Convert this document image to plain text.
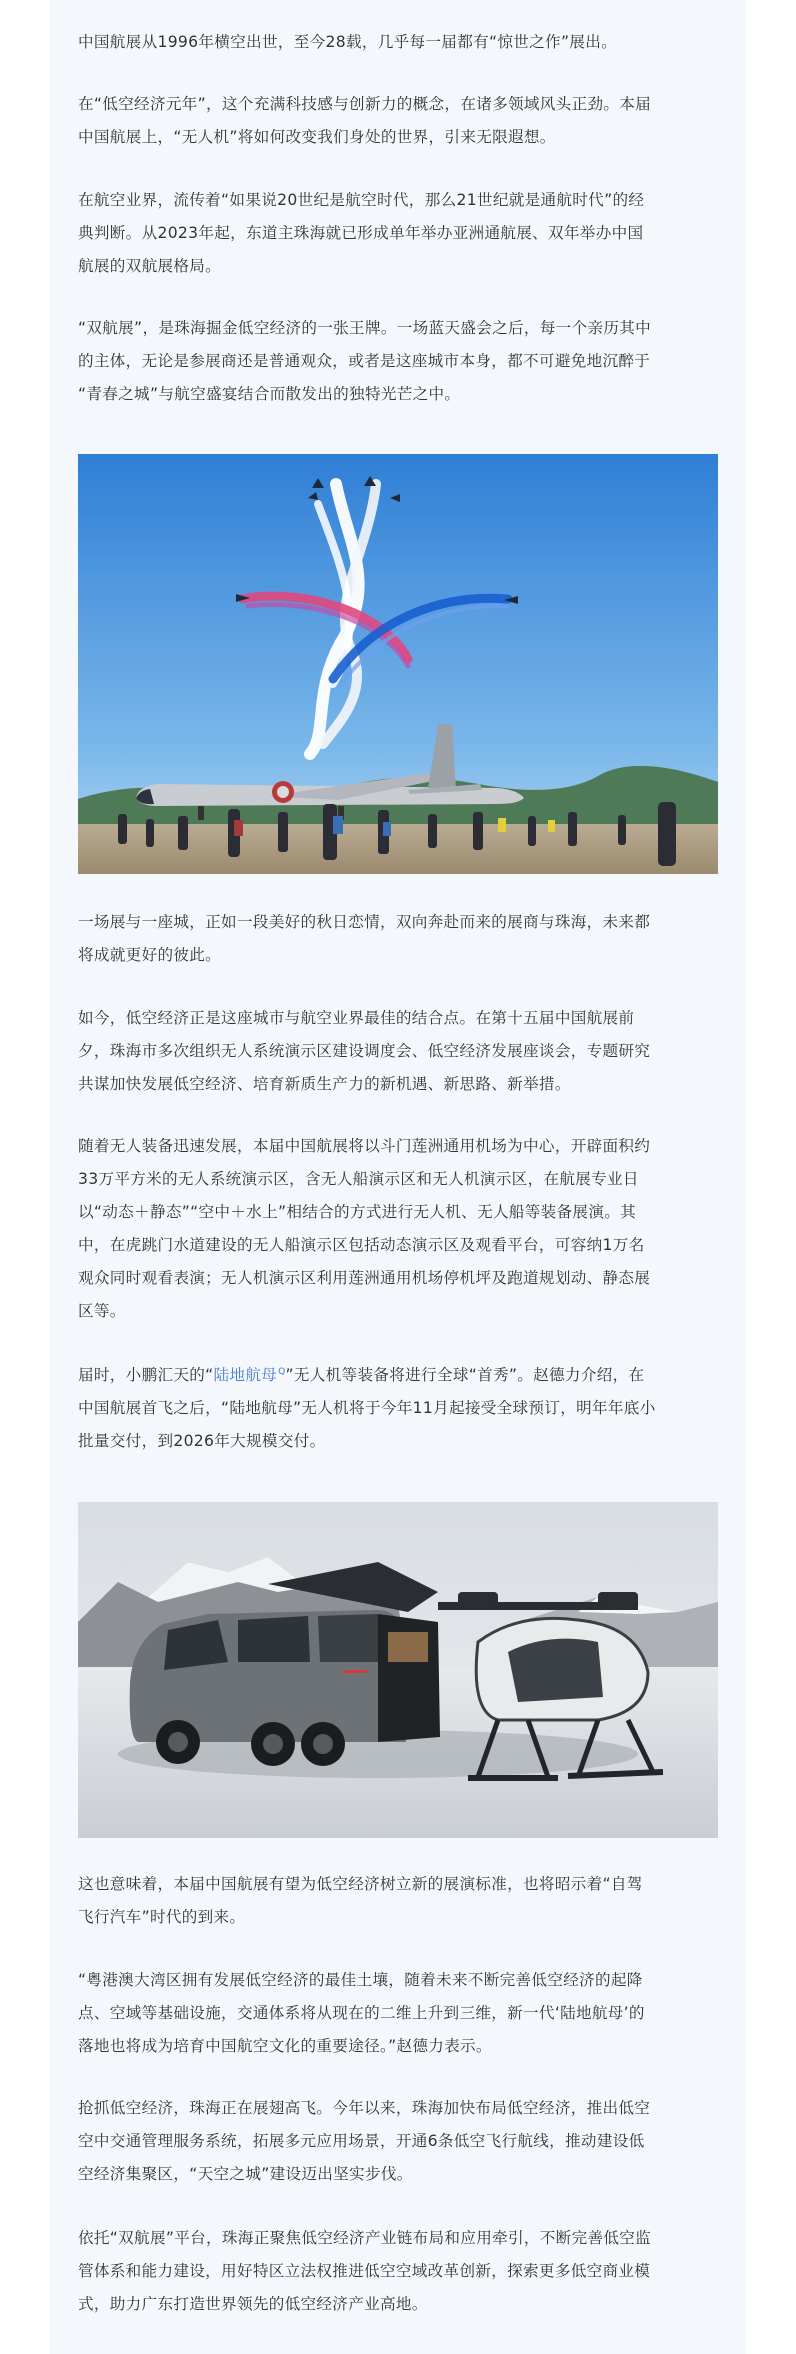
中国航展从1996年横空出世，至今28载，几乎每一届都有“惊世之作”展出。
在“低空经济元年”，这个充满科技感与创新力的概念，在诸多领域风头正劲。本届
中国航展上，“无人机”将如何改变我们身处的世界，引来无限遐想。
在航空业界，流传着“如果说20世纪是航空时代，那么21世纪就是通航时代”的经
典判断。从2023年起，东道主珠海就已形成单年举办亚洲通航展、双年举办中国
航展的双航展格局。
“双航展”，是珠海掘金低空经济的一张王牌。一场蓝天盛会之后，每一个亲历其中
的主体，无论是参展商还是普通观众，或者是这座城市本身，都不可避免地沉醉于
“青春之城”与航空盛宴结合而散发出的独特光芒之中。
一场展与一座城，正如一段美好的秋日恋情，双向奔赴而来的展商与珠海，未来都
将成就更好的彼此。
如今，低空经济正是这座城市与航空业界最佳的结合点。在第十五届中国航展前
夕，珠海市多次组织无人系统演示区建设调度会、低空经济发展座谈会，专题研究
共谋加快发展低空经济、培育新质生产力的新机遇、新思路、新举措。
随着无人装备迅速发展，本届中国航展将以斗门莲洲通用机场为中心，开辟面积约
33万平方米的无人系统演示区，含无人船演示区和无人机演示区，在航展专业日
以“动态＋静态”“空中＋水上”相结合的方式进行无人机、无人船等装备展演。其
中，在虎跳门水道建设的无人船演示区包括动态演示区及观看平台，可容纳1万名
观众同时观看表演；无人机演示区利用莲洲通用机场停机坪及跑道规划动、静态展
区等。
届时，小鹏汇天的“陆地航母$^Q$”无人机等装备将进行全球“首秀”。赵德力介绍，在
中国航展首飞之后，“陆地航母”无人机将于今年11月起接受全球预订，明年年底小
批量交付，到2026年大规模交付。
这也意味着，本届中国航展有望为低空经济树立新的展演标准，也将昭示着“自驾
飞行汽车”时代的到来。
“粤港澳大湾区拥有发展低空经济的最佳土壤，随着未来不断完善低空经济的起降
点、空域等基础设施，交通体系将从现在的二维上升到三维，新一代‘陆地航母’的
落地也将成为培育中国航空文化的重要途径。”赵德力表示。
抢抓低空经济，珠海正在展翅高飞。今年以来，珠海加快布局低空经济，推出低空
空中交通管理服务系统，拓展多元应用场景，开通6条低空飞行航线，推动建设低
空经济集聚区，“天空之城”建设迈出坚实步伐。
依托“双航展”平台，珠海正聚焦低空经济产业链布局和应用牵引，不断完善低空监
管体系和能力建设，用好特区立法权推进低空空域改革创新，探索更多低空商业模
式，助力广东打造世界领先的低空经济产业高地。
